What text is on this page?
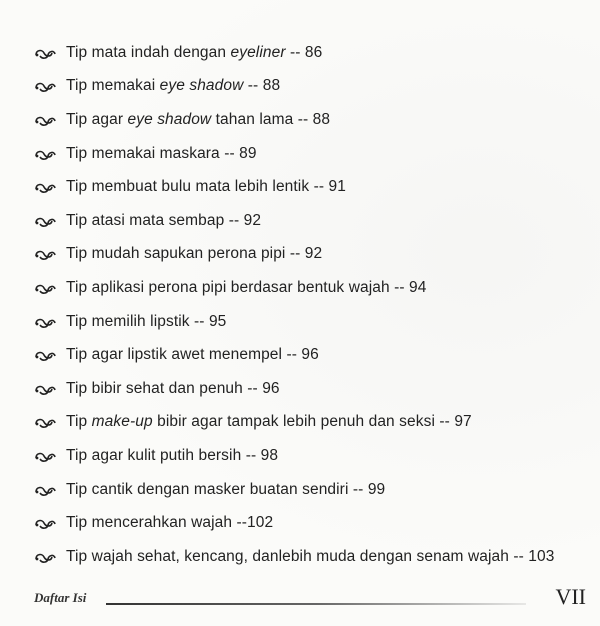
Tip mata indah dengan eyeliner -- 86
Tip memakai eye shadow -- 88
Tip agar eye shadow tahan lama -- 88
Tip memakai maskara -- 89
Tip membuat bulu mata lebih lentik -- 91
Tip atasi mata sembap -- 92
Tip mudah sapukan perona pipi -- 92
Tip aplikasi perona pipi berdasar bentuk wajah -- 94
Tip memilih lipstik -- 95
Tip agar lipstik awet menempel -- 96
Tip bibir sehat dan penuh -- 96
Tip make-up bibir agar tampak lebih penuh dan seksi -- 97
Tip agar kulit putih bersih -- 98
Tip cantik dengan masker buatan sendiri -- 99
Tip mencerahkan wajah --102
Tip wajah sehat, kencang, danlebih muda dengan senam wajah -- 103
Daftar Isi	VII
